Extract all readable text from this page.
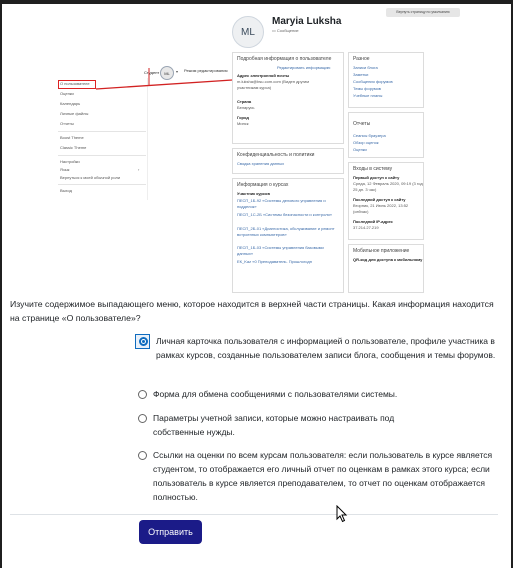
Вернуть страницу по умолчанию
ML
Maryia Luksha
▭ Сообщение
Студент	ML	▾ Режим редактирования
О пользователе
Оценки
Календарь
Личные файлы
Отчеты
Boost Theme
Classic Theme
Настройки
Язык	›
Вернуться к моей обычной роли
Выход
Подробная информация о пользователе
Редактировать информацию
Адрес электронной почты
m.luksha@bsu.com.com (Виден другим участникам курса)
Страна
Беларусь
Город
Минск
Конфиденциальность и политики
Сводка хранения данных
Информация о курсах
Участник курсов
ПЕСП_1Б-92 «Системы делового управления и подделок»
ПЕСП_1С-2Б «Системы безопасности и контроля»
ПЕСП_2Б-01 «Диагностика, обслуживание и ремонт встроенных компьютеров»
ПЕСП_1Б-03 «Системы управления базовыми данных»
ЕК_Kaz «0 Преподаватель. Прошлогодн
Разное
Записи блога
Заметки
Сообщения форумов
Темы форумов
Учебные планы
Отчеты
Сеансы браузера
Обзор оценок
Оценки
Входы в систему
Первый доступ к сайту
Среда, 12 Февраль 2020, 09:19 (3 год 25 дн. 3 час)
Последний доступ к сайту
Вторник, 21 Июнь 2022, 13:52 (сейчас)
Последний IP-адрес
37.214.27.219
Мобильное приложение
QR-код для доступа к мобильному
Изучите содержимое выпадающего меню, которое находится в верхней части страницы. Какая информация находится на странице «О пользователе»?
Личная карточка пользователя с информацией о пользователе, профиле участника в рамках курсов, созданные пользователем записи блога, сообщения и темы форумов.
Форма для обмена сообщениями с пользователями системы.
Параметры учетной записи, которые можно настраивать под собственные нужды.
Ссылки на оценки по всем курсам пользователя: если пользователь в курсе является студентом, то отображается его личный отчет по оценкам в рамках этого курса; если пользователь в курсе является преподавателем, то отчет по оценкам отображается полностью.
Отправить
